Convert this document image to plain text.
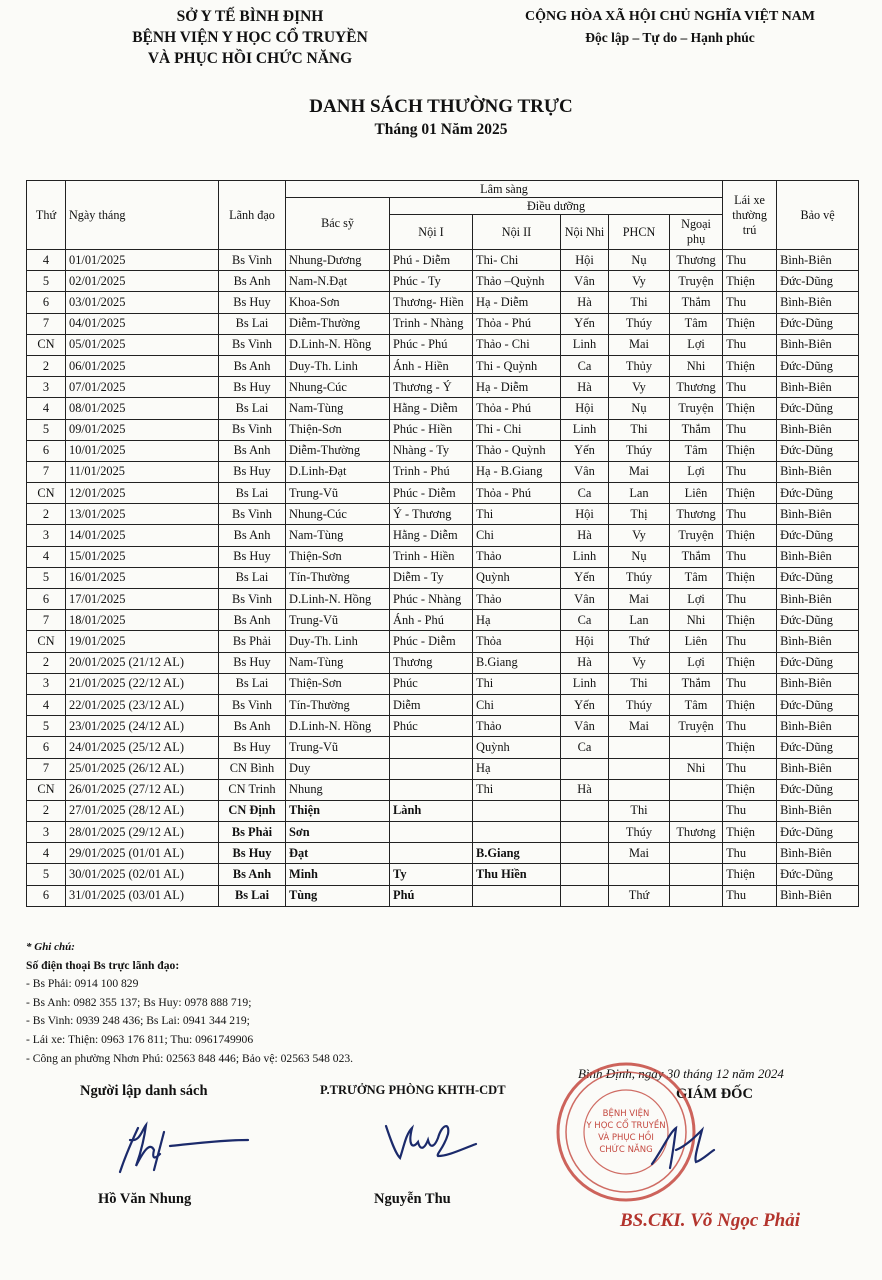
SỞ Y TẾ BÌNH ĐỊNH
BỆNH VIỆN Y HỌC CỔ TRUYỀN
VÀ PHỤC HỒI CHỨC NĂNG
CỘNG HÒA XÃ HỘI CHỦ NGHĨA VIỆT NAM
Độc lập – Tự do – Hạnh phúc
DANH SÁCH THƯỜNG TRỰC
Tháng 01 Năm 2025
Thứ	Ngày tháng	Lãnh đạo	Lâm sàng						Lái xe thường trú	Bảo vệ
			Bác sỹ	Điều dưỡng						
				Nội I	Nội II	Nội Nhi	PHCN	Ngoại phụ		
4	01/01/2025	Bs Vinh	Nhung-Dương	Phú - Diễm	Thi- Chi	Hội	Nụ	Thương	Thu	Bình-Biên
5	02/01/2025	Bs Anh	Nam-N.Đạt	Phúc - Ty	Thảo –Quỳnh	Vân	Vy	Truyện	Thiện	Đức-Dũng
6	03/01/2025	Bs Huy	Khoa-Sơn	Thương- Hiền	Hạ - Diễm	Hà	Thi	Thắm	Thu	Bình-Biên
7	04/01/2025	Bs Lai	Diễm-Thường	Trinh - Nhàng	Thỏa - Phú	Yến	Thúy	Tâm	Thiện	Đức-Dũng
CN	05/01/2025	Bs Vinh	D.Linh-N. Hồng	Phúc - Phú	Thảo - Chi	Linh	Mai	Lợi	Thu	Bình-Biên
2	06/01/2025	Bs Anh	Duy-Th. Linh	Ánh - Hiền	Thi - Quỳnh	Ca	Thủy	Nhi	Thiện	Đức-Dũng
3	07/01/2025	Bs Huy	Nhung-Cúc	Thương - Ý	Hạ - Diễm	Hà	Vy	Thương	Thu	Bình-Biên
4	08/01/2025	Bs Lai	Nam-Tùng	Hằng - Diễm	Thỏa - Phú	Hội	Nụ	Truyện	Thiện	Đức-Dũng
5	09/01/2025	Bs Vinh	Thiện-Sơn	Phúc - Hiền	Thi - Chi	Linh	Thi	Thắm	Thu	Bình-Biên
6	10/01/2025	Bs Anh	Diễm-Thường	Nhàng - Ty	Thảo - Quỳnh	Yến	Thúy	Tâm	Thiện	Đức-Dũng
7	11/01/2025	Bs Huy	D.Linh-Đạt	Trinh - Phú	Hạ - B.Giang	Vân	Mai	Lợi	Thu	Bình-Biên
CN	12/01/2025	Bs Lai	Trung-Vũ	Phúc - Diễm	Thỏa - Phú	Ca	Lan	Liên	Thiện	Đức-Dũng
2	13/01/2025	Bs Vinh	Nhung-Cúc	Ý - Thương	Thi	Hội	Thị	Thương	Thu	Bình-Biên
3	14/01/2025	Bs Anh	Nam-Tùng	Hằng - Diễm	Chi	Hà	Vy	Truyện	Thiện	Đức-Dũng
4	15/01/2025	Bs Huy	Thiện-Sơn	Trinh - Hiền	Thảo	Linh	Nụ	Thắm	Thu	Bình-Biên
5	16/01/2025	Bs Lai	Tín-Thường	Diễm - Ty	Quỳnh	Yến	Thúy	Tâm	Thiện	Đức-Dũng
6	17/01/2025	Bs Vinh	D.Linh-N. Hồng	Phúc - Nhàng	Thảo	Vân	Mai	Lợi	Thu	Bình-Biên
7	18/01/2025	Bs Anh	Trung-Vũ	Ánh - Phú	Hạ	Ca	Lan	Nhi	Thiện	Đức-Dũng
CN	19/01/2025	Bs Phải	Duy-Th. Linh	Phúc - Diễm	Thỏa	Hội	Thứ	Liên	Thu	Bình-Biên
2	20/01/2025 (21/12 AL)	Bs Huy	Nam-Tùng	Thương	B.Giang	Hà	Vy	Lợi	Thiện	Đức-Dũng
3	21/01/2025 (22/12 AL)	Bs Lai	Thiện-Sơn	Phúc	Thi	Linh	Thi	Thắm	Thu	Bình-Biên
4	22/01/2025 (23/12 AL)	Bs Vinh	Tín-Thường	Diễm	Chi	Yến	Thúy	Tâm	Thiện	Đức-Dũng
5	23/01/2025 (24/12 AL)	Bs Anh	D.Linh-N. Hồng	Phúc	Thảo	Vân	Mai	Truyện	Thu	Bình-Biên
6	24/01/2025 (25/12 AL)	Bs Huy	Trung-Vũ		Quỳnh	Ca			Thiện	Đức-Dũng
7	25/01/2025 (26/12 AL)	CN Bình	Duy		Hạ			Nhi	Thu	Bình-Biên
CN	26/01/2025 (27/12 AL)	CN Trinh	Nhung		Thi	Hà			Thiện	Đức-Dũng
2	27/01/2025 (28/12 AL)	CN Định	Thiện	Lành			Thi		Thu	Bình-Biên
3	28/01/2025 (29/12 AL)	Bs Phải	Sơn				Thúy	Thương	Thiện	Đức-Dũng
4	29/01/2025 (01/01 AL)	Bs Huy	Đạt		B.Giang		Mai		Thu	Bình-Biên
5	30/01/2025 (02/01 AL)	Bs Anh	Minh	Ty	Thu Hiền				Thiện	Đức-Dũng
6	31/01/2025 (03/01 AL)	Bs Lai	Tùng	Phú			Thứ		Thu	Bình-Biên
* Ghi chú:
Số điện thoại Bs trực lãnh đạo:
- Bs Phải: 0914 100 829
- Bs Anh: 0982 355 137; Bs Huy: 0978 888 719;
- Bs Vinh: 0939 248 436; Bs Lai: 0941 344 219;
- Lái xe: Thiện: 0963 176 811; Thu: 0961749906
- Công an phường Nhơn Phú: 02563 848 446; Bảo vệ: 02563 548 023.
Người lập danh sách	P.TRƯỞNG PHÒNG KHTH-CDT
Bình Định, ngày 30 tháng 12 năm 2024
GIÁM ĐỐC
BỆNH VIỆN
Y HỌC CỔ TRUYỀN
VÀ PHỤC HỒI
CHỨC NĂNG
Hồ Văn Nhung	Nguyễn Thu
BS.CKI. Võ Ngọc Phải
